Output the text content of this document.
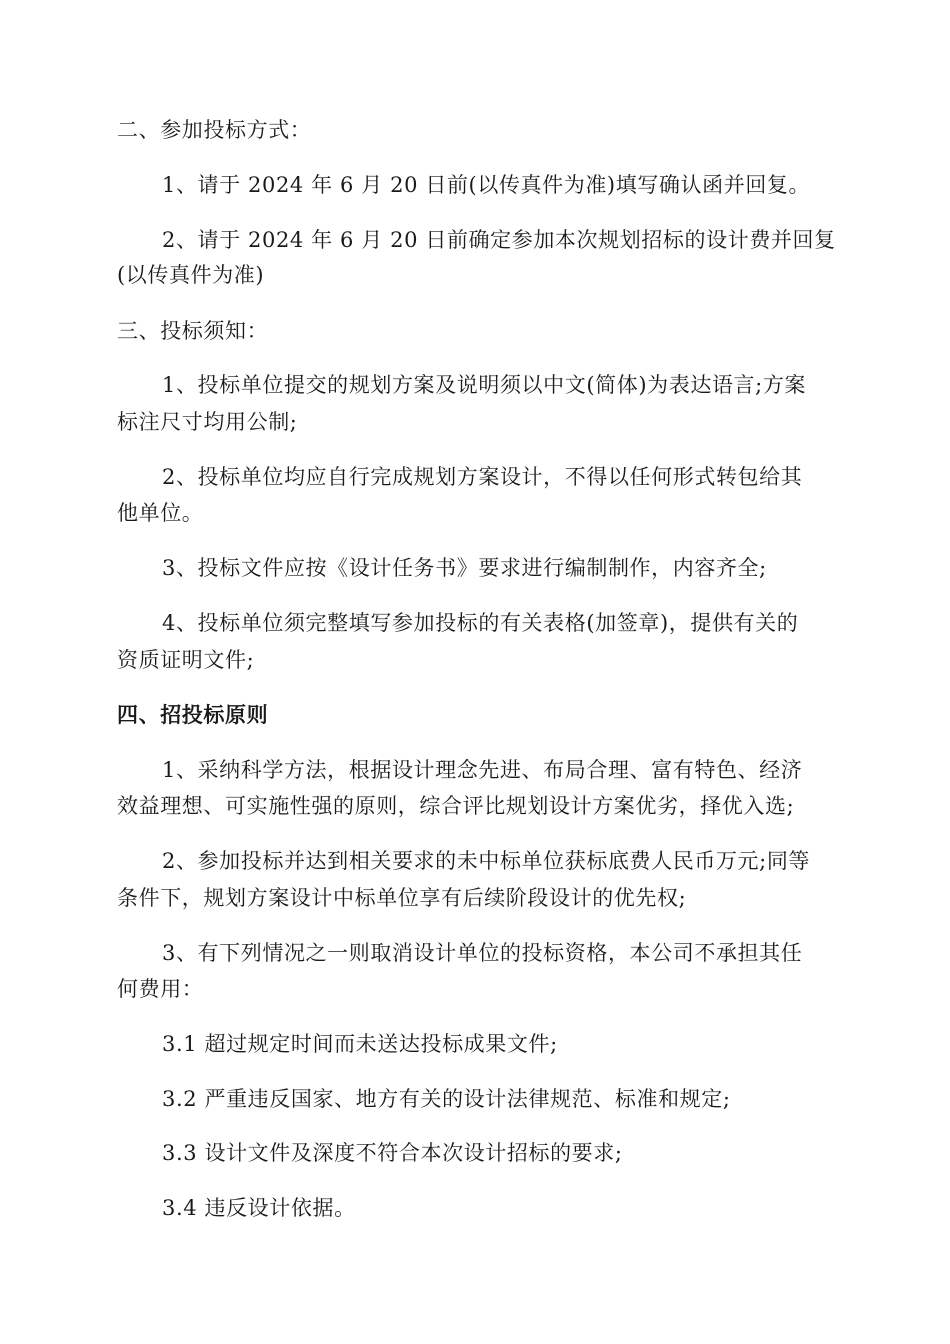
二、参加投标方式：
1、请于 2024 年 6 月 20 日前(以传真件为准)填写确认函并回复。
2、请于 2024 年 6 月 20 日前确定参加本次规划招标的设计费并回复
(以传真件为准)
三、投标须知：
1、投标单位提交的规划方案及说明须以中文(简体)为表达语言;方案
标注尺寸均用公制;
2、投标单位均应自行完成规划方案设计，不得以任何形式转包给其
他单位。
3、投标文件应按《设计任务书》要求进行编制制作，内容齐全;
4、投标单位须完整填写参加投标的有关表格(加签章)，提供有关的
资质证明文件;
四、招投标原则
1、采纳科学方法，根据设计理念先进、布局合理、富有特色、经济
效益理想、可实施性强的原则，综合评比规划设计方案优劣，择优入选;
2、参加投标并达到相关要求的未中标单位获标底费人民币万元;同等
条件下，规划方案设计中标单位享有后续阶段设计的优先权;
3、有下列情况之一则取消设计单位的投标资格，本公司不承担其任
何费用：
3.1 超过规定时间而未送达投标成果文件;
3.2 严重违反国家、地方有关的设计法律规范、标准和规定;
3.3 设计文件及深度不符合本次设计招标的要求;
3.4 违反设计依据。
